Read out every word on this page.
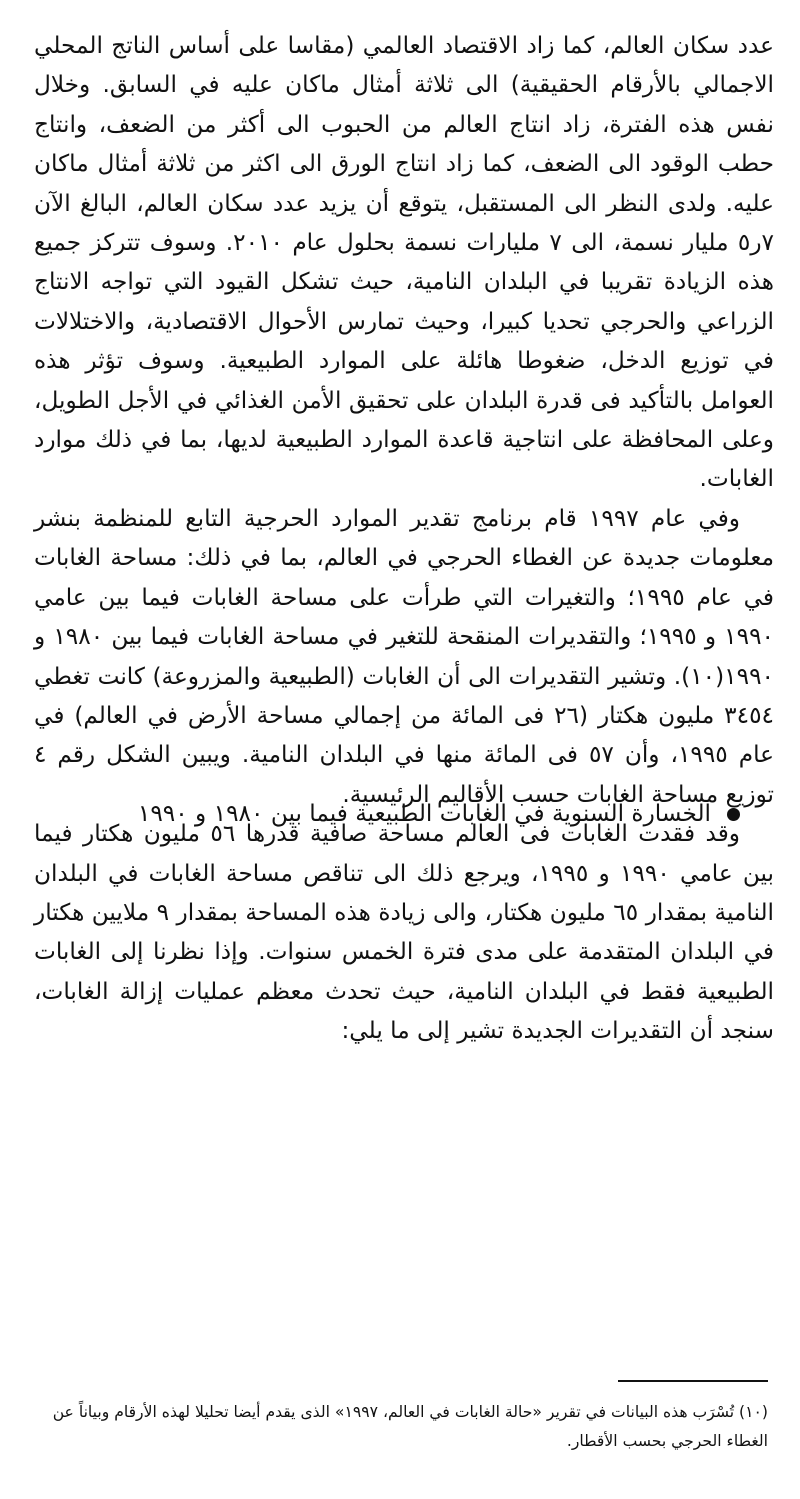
عدد سكان العالم، كما زاد الاقتصاد العالمي (مقاسا على أساس الناتج المحلي الاجمالي بالأرقام الحقيقية) الى ثلاثة أمثال ماكان عليه في السابق. وخلال نفس هذه الفترة، زاد انتاج العالم من الحبوب الى أكثر من الضعف، وانتاج حطب الوقود الى الضعف، كما زاد انتاج الورق الى اكثر من ثلاثة أمثال ماكان عليه. ولدى النظر الى المستقبل، يتوقع أن يزيد عدد سكان العالم، البالغ الآن ٧ر٥ مليار نسمة، الى ٧ مليارات نسمة بحلول عام ٢٠١٠. وسوف تتركز جميع هذه الزيادة تقريبا في البلدان النامية، حيث تشكل القيود التي تواجه الانتاج الزراعي والحرجي تحديا كبيرا، وحيث تمارس الأحوال الاقتصادية، والاختلالات في توزيع الدخل، ضغوطا هائلة على الموارد الطبيعية. وسوف تؤثر هذه العوامل بالتأكيد فى قدرة البلدان على تحقيق الأمن الغذائي في الأجل الطويل، وعلى المحافظة على انتاجية قاعدة الموارد الطبيعية لديها، بما في ذلك موارد الغابات.

وفي عام ١٩٩٧ قام برنامج تقدير الموارد الحرجية التابع للمنظمة بنشر معلومات جديدة عن الغطاء الحرجي في العالم، بما في ذلك: مساحة الغابات في عام ١٩٩٥؛ والتغيرات التي طرأت على مساحة الغابات فيما بين عامي ١٩٩٠ و ١٩٩٥؛ والتقديرات المنقحة للتغير في مساحة الغابات فيما بين ١٩٨٠ و ١٩٩٠(١٠). وتشير التقديرات الى أن الغابات (الطبيعية والمزروعة) كانت تغطي ٣٤٥٤ مليون هكتار (٢٦ فى المائة من إجمالي مساحة الأرض في العالم) في عام ١٩٩٥، وأن ٥٧ فى المائة منها في البلدان النامية. ويبين الشكل رقم ٤ توزيع مساحة الغابات حسب الأقاليم الرئيسية.

وقد فقدت الغابات فى العالم مساحة صافية قدرها ٥٦ مليون هكتار فيما بين عامي ١٩٩٠ و ١٩٩٥، ويرجع ذلك الى تناقص مساحة الغابات في البلدان النامية بمقدار ٦٥ مليون هكتار، والى زيادة هذه المساحة بمقدار ٩ ملايين هكتار في البلدان المتقدمة على مدى فترة الخمس سنوات. وإذا نظرنا إلى الغابات الطبيعية فقط في البلدان النامية، حيث تحدث معظم عمليات إزالة الغابات، سنجد أن التقديرات الجديدة تشير إلى ما يلي:

الخسارة السنوية في الغابات الطبيعية فيما بين ١٩٨٠ و ١٩٩٠
(١٠) تُسْرَب هذه البيانات في تقرير «حالة الغابات في العالم، ١٩٩٧» الذى يقدم أيضا تحليلا لهذه الأرقام وبياناً عن الغطاء الحرجي بحسب الأقطار.
